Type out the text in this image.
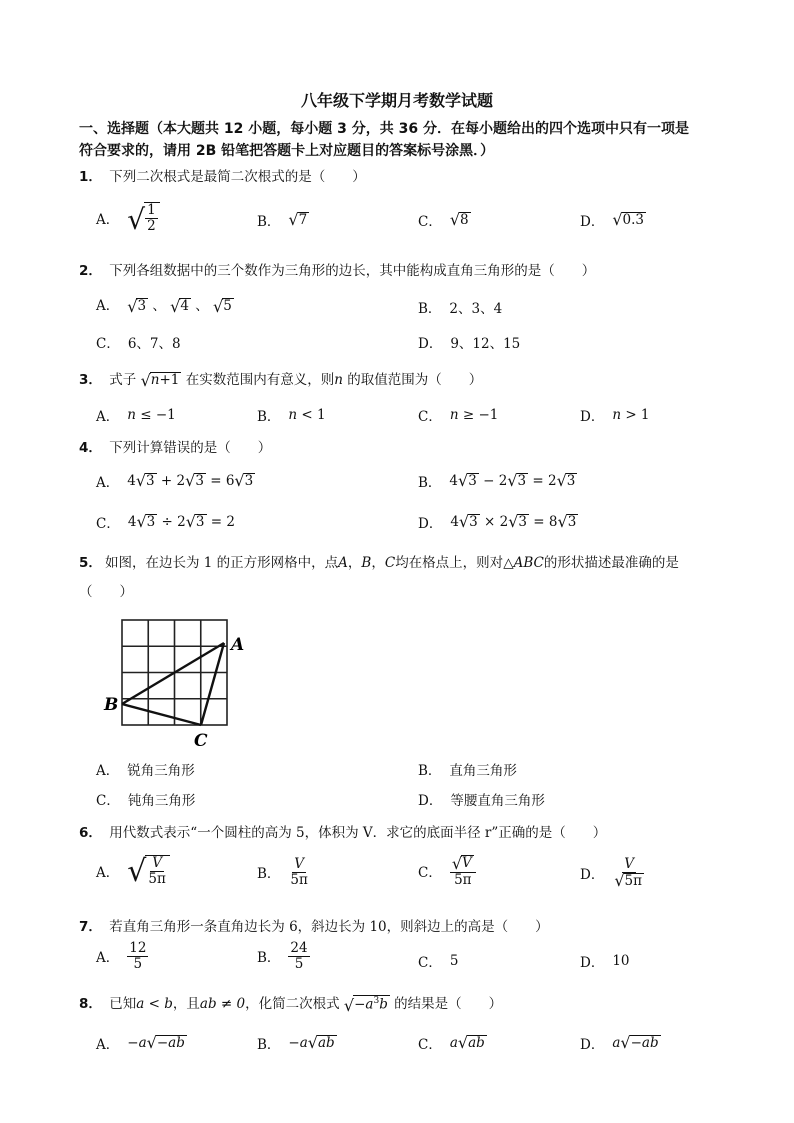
八年级下学期月考数学试题
一、选择题（本大题共 12 小题，每小题 3 分，共 36 分．在每小题给出的四个选项中只有一项是
符合要求的，请用 2B 铅笔把答题卡上对应题目的答案标号涂黑．）
1． 下列二次根式是最简二次根式的是（　　）
A． √ $\frac{1}{2}$	B． √ 7	C． √ 8	D． √ 0.3
2． 下列各组数据中的三个数作为三角形的边长，其中能构成直角三角形的是（　　）
A． √ 3 、 √ 4 、 √ 5	B． 2、3、4
C． 6、7、8	D． 9、12、15
3． 式子 √ n+1 在实数范围内有意义，则n 的取值范围为（　　）
A． n ≤ −1	B． n < 1	C． n ≥ −1	D． n > 1
4． 下列计算错误的是（　　）
A． 4 √ 3 + 2 √ 3 = 6 √ 3	B． 4 √ 3 − 2 √ 3 = 2 √ 3
C． 4 √ 3 ÷ 2 √ 3 = 2	D． 4 √ 3 × 2 √ 3 = 8 √ 3
5． 如图，在边长为 1 的正方形网格中，点A，B，C均在格点上，则对△ABC的形状描述最准确的是
（　　）
A
B
C
A． 锐角三角形	B． 直角三角形
C． 钝角三角形	D． 等腰直角三角形
6． 用代数式表示“一个圆柱的高为 5，体积为 V．求它的底面半径 r”正确的是（　　）
A． √ $\frac{V}{5\pi}$	B． $\frac{V}{5\pi}$	C． $\frac{√ V}{5\pi}$	D． $\frac{V}{√ 5\pi}$
7． 若直角三角形一条直角边长为 6，斜边长为 10，则斜边上的高是（　　）
A． $\frac{12}{5}$	B． $\frac{24}{5}$	C． 5	D． 10
8． 已知a < b，且ab ≠ 0，化简二次根式 √ $-a^3b$ 的结果是（　　）
A． −a √ −ab	B． −a √ ab	C． a √ ab	D． a √ −ab
